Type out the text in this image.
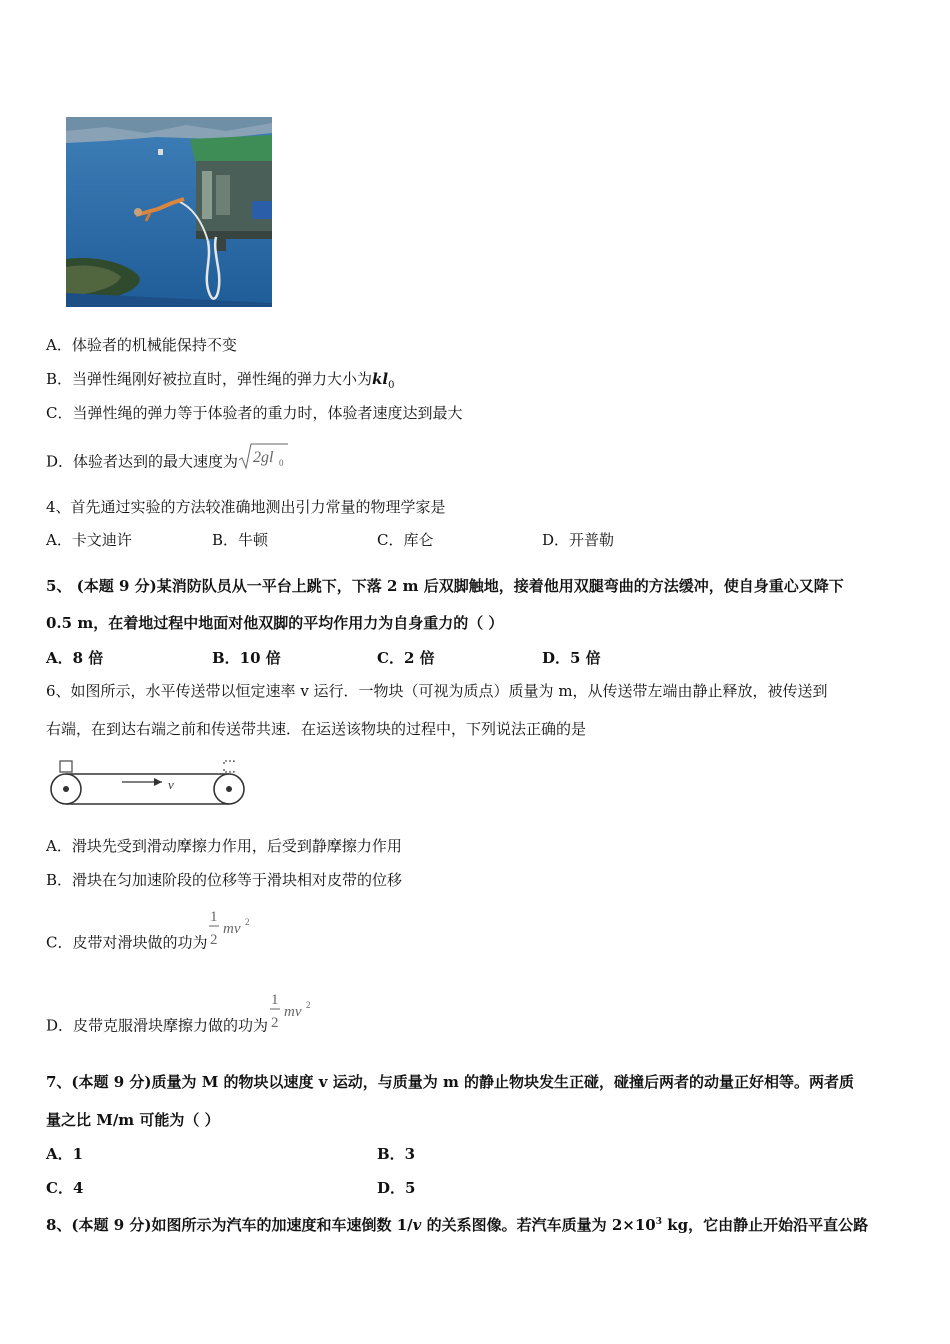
A．体验者的机械能保持不变
B．当弹性绳刚好被拉直时，弹性绳的弹力大小为$kl_0$
C．当弹性绳的弹力等于体验者的重力时，体验者速度达到最大
D．体验者达到的最大速度为 2gl 0
4、首先通过实验的方法较准确地测出引力常量的物理学家是
A．卡文迪许	B．牛顿	C．库仑	D．开普勒
5、 (本题 9 分)某消防队员从一平台上跳下，下落 2 m 后双脚触地，接着他用双腿弯曲的方法缓冲，使自身重心又降下
0.5 m，在着地过程中地面对他双脚的平均作用力为自身重力的（ ）
A．8 倍	B．10 倍	C．2 倍	D．5 倍
6、如图所示，水平传送带以恒定速率 v 运行．一物块（可视为质点）质量为 m，从传送带左端由静止释放，被传送到
右端，在到达右端之前和传送带共速．在运送该物块的过程中，下列说法正确的是
v
A．滑块先受到滑动摩擦力作用，后受到静摩擦力作用
B．滑块在匀加速阶段的位移等于滑块相对皮带的位移
C．皮带对滑块做的功为
1
2
mv 2
D．皮带克服滑块摩擦力做的功为
1
2
mv 2
7、(本题 9 分)质量为 M 的物块以速度 v 运动，与质量为 m 的静止物块发生正碰，碰撞后两者的动量正好相等。两者质
量之比 M/m 可能为（ ）
A．1	B．3
C．4	D．5
8、(本题 9 分)如图所示为汽车的加速度和车速倒数 1/v 的关系图像。若汽车质量为 $2\times 10^3$ kg，它由静止开始沿平直公路
